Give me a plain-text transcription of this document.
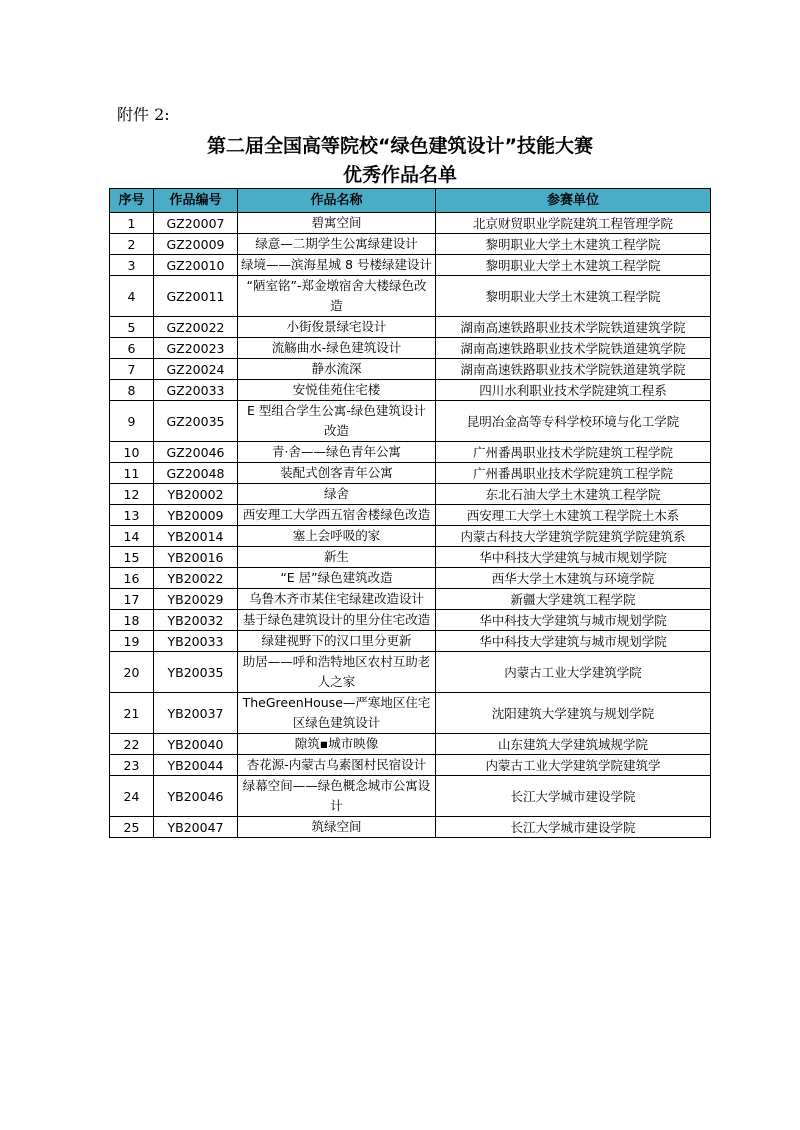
附件 2:
第二届全国高等院校“绿色建筑设计”技能大赛
优秀作品名单
序号	作品编号	作品名称	参赛单位
1	GZ20007	碧寓空间	北京财贸职业学院建筑工程管理学院
2	GZ20009	绿意—二期学生公寓绿建设计	黎明职业大学土木建筑工程学院
3	GZ20010	绿境——滨海星城 8 号楼绿建设计	黎明职业大学土木建筑工程学院
4	GZ20011	“陋室铭”-郑金墩宿舍大楼绿色改造	黎明职业大学土木建筑工程学院
5	GZ20022	小街俊景绿宅设计	湖南高速铁路职业技术学院铁道建筑学院
6	GZ20023	流觞曲水-绿色建筑设计	湖南高速铁路职业技术学院铁道建筑学院
7	GZ20024	静水流深	湖南高速铁路职业技术学院铁道建筑学院
8	GZ20033	安悦佳苑住宅楼	四川水利职业技术学院建筑工程系
9	GZ20035	E 型组合学生公寓-绿色建筑设计改造	昆明冶金高等专科学校环境与化工学院
10	GZ20046	青·舍——绿色青年公寓	广州番禺职业技术学院建筑工程学院
11	GZ20048	装配式创客青年公寓	广州番禺职业技术学院建筑工程学院
12	YB20002	绿舍	东北石油大学土木建筑工程学院
13	YB20009	西安理工大学西五宿舍楼绿色改造	西安理工大学土木建筑工程学院土木系
14	YB20014	塞上会呼吸的家	内蒙古科技大学建筑学院建筑学院建筑系
15	YB20016	新生	华中科技大学建筑与城市规划学院
16	YB20022	“E 居”绿色建筑改造	西华大学土木建筑与环境学院
17	YB20029	乌鲁木齐市某住宅绿建改造设计	新疆大学建筑工程学院
18	YB20032	基于绿色建筑设计的里分住宅改造	华中科技大学建筑与城市规划学院
19	YB20033	绿建视野下的汉口里分更新	华中科技大学建筑与城市规划学院
20	YB20035	助居——呼和浩特地区农村互助老人之家	内蒙古工业大学建筑学院
21	YB20037	TheGreenHouse—严寒地区住宅区绿色建筑设计	沈阳建筑大学建筑与规划学院
22	YB20040	隙筑▪城市映像	山东建筑大学建筑城规学院
23	YB20044	杏花源-内蒙古乌素图村民宿设计	内蒙古工业大学建筑学院建筑学
24	YB20046	绿幕空间——绿色概念城市公寓设计	长江大学城市建设学院
25	YB20047	筑绿空间	长江大学城市建设学院
